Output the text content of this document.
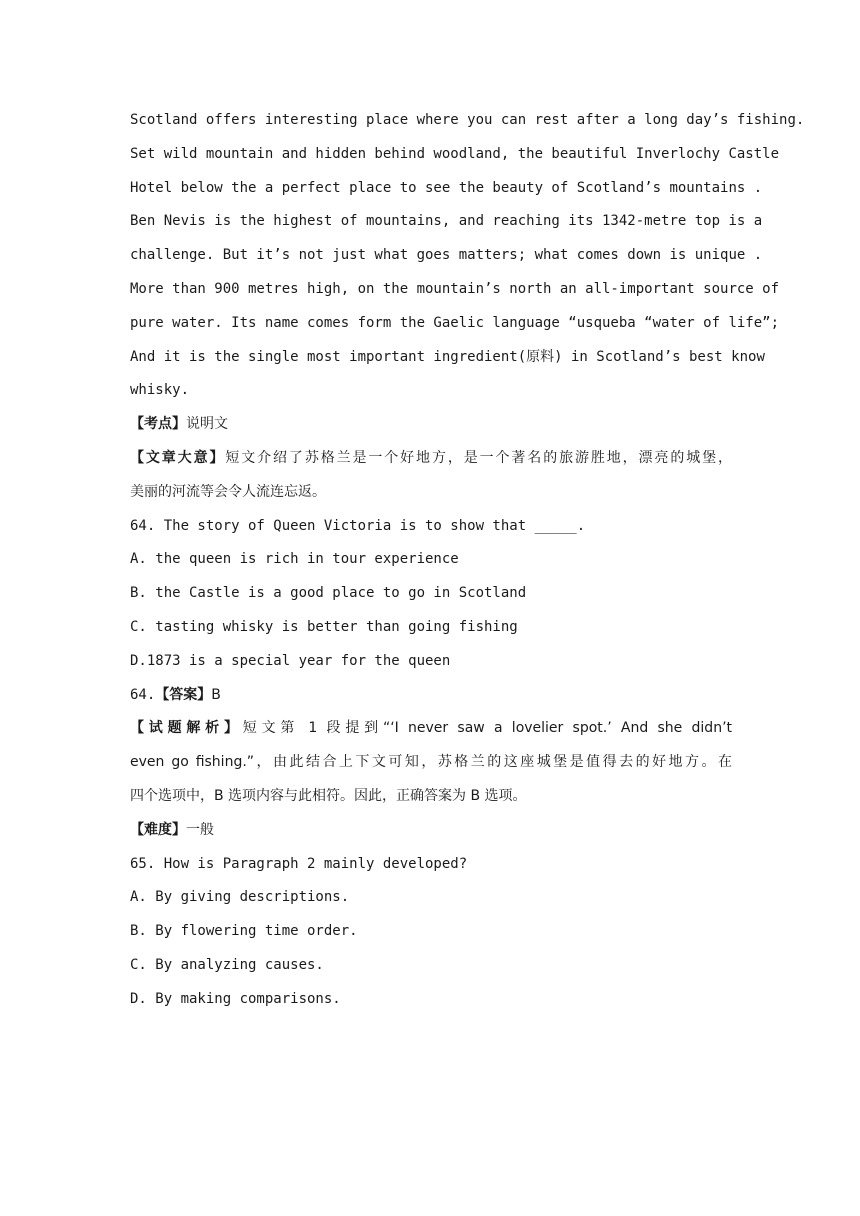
Scotland offers interesting place where you can rest after a long day’s fishing.
Set wild mountain and hidden behind woodland, the beautiful Inverlochy Castle
Hotel below the a perfect place to see the beauty of Scotland’s mountains .
Ben Nevis is the highest of mountains, and reaching its 1342-metre top is a
challenge. But it’s not just what goes matters; what comes down is unique .
More than 900 metres high, on the mountain’s north an all-important source of
pure water. Its name comes form the Gaelic language “usqueba “water of life”;
And it is the single most important ingredient(原料) in Scotland’s best know
whisky.
【考点】说明文
【文章大意】短文介绍了苏格兰是一个好地方，是一个著名的旅游胜地，漂亮的城堡，
美丽的河流等会令人流连忘返。
64. The story of Queen Victoria is to show that _____.
A. the queen is rich in tour experience
B. the Castle is a good place to go in Scotland
C. tasting whisky is better than going fishing
D.1873 is a special year for the queen
64.【答案】B
【试题解析】短文第 1 段提到“‘I never saw a lovelier spot.’ And she didn’t
even go fishing.”，由此结合上下文可知，苏格兰的这座城堡是值得去的好地方。在
四个选项中，B 选项内容与此相符。因此，正确答案为 B 选项。
【难度】一般
65. How is Paragraph 2 mainly developed?
A. By giving descriptions.
B. By flowering time order.
C. By analyzing causes.
D. By making comparisons.
